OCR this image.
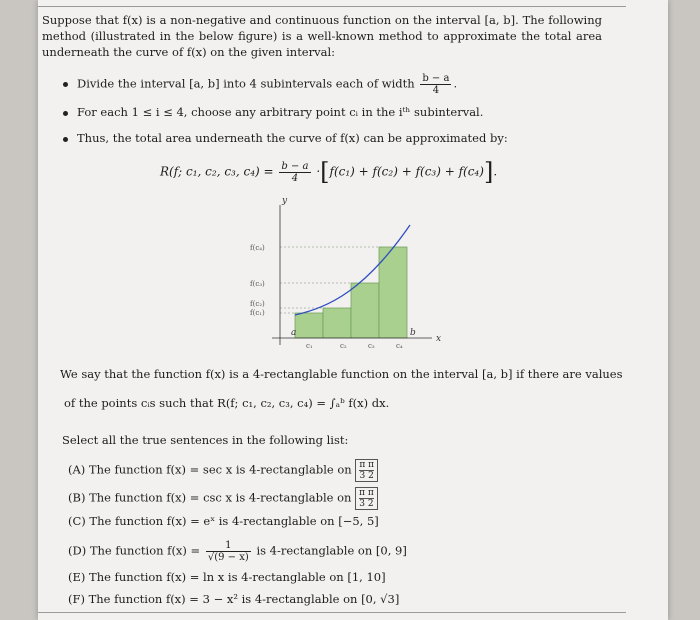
Suppose that f(x) is a non-negative and continuous function on the interval [a, b]. The following method (illustrated in the below figure) is a well-known method to approximate the total area underneath the curve of f(x) on the given interval:
Divide the interval [a, b] into 4 subintervals each of width $\frac{b - a}{4}$ .
For each 1 ≤ i ≤ 4, choose any arbitrary point cᵢ in the iᵗʰ subinterval.
Thus, the total area underneath the curve of f(x) can be approximated by:
R(f; c₁, c₂, c₃, $c_4) = \frac{b - a}{4} \cdot[f(c_1) + f(c_2) + f(c_3) + f(c_4)]$.
y
x
a	b
f(c₄)
f(c₃)
f(c₂)
f(c₁)
c₁	c₂	c₃	c₄
We say that the function f(x) is a 4-rectanglable function on the interval [a, b] if there are values
of the points cᵢs such that R(f; c₁, c₂, c₃, c₄) = ∫ₐᵇ f(x) dx.
Select all the true sentences in the following list:
(A) The function f(x) = sec x is 4-rectanglable on $\frac{\text{π π}}{3 2}$
(B) The function f(x) = csc x is 4-rectanglable on $\frac{\text{π π}}{3 2}$
(C) The function f(x) = eˣ is 4-rectanglable on [−5, 5]
(D) The function $f(x) = \frac{1}{√(9 - x)}$ is 4-rectanglable on [0, 9]
(E) The function f(x) = ln x is 4-rectanglable on [1, 10]
(F) The function f(x) = 3 − x² is 4-rectanglable on [0, √3]
